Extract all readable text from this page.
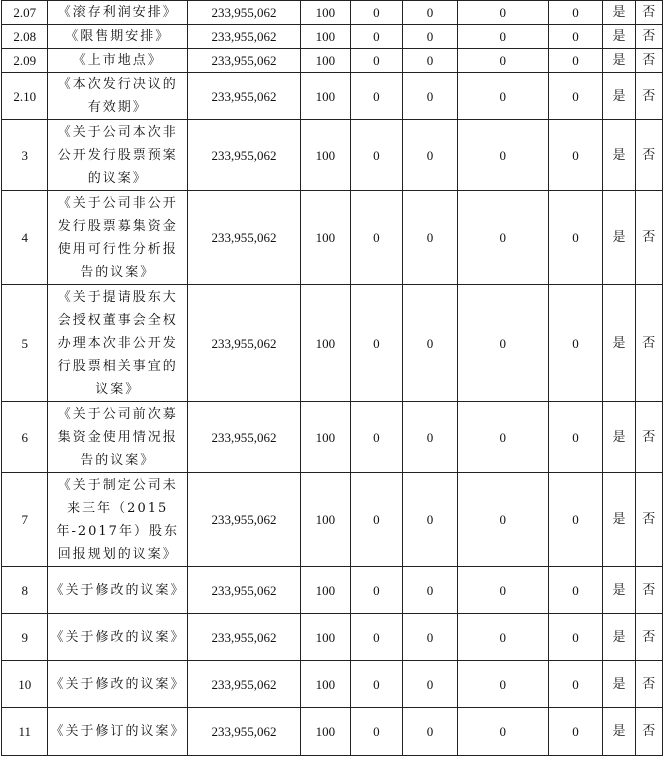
2.07	《滚存利润安排》	233,955,062	100	0	0	0	0	是	否
2.08	《限售期安排》	233,955,062	100	0	0	0	0	是	否
2.09	《上市地点》	233,955,062	100	0	0	0	0	是	否
2.10	《本次发行决议的有效期》	233,955,062	100	0	0	0	0	是	否
3	《关于公司本次非公开发行股票预案的议案》	233,955,062	100	0	0	0	0	是	否
4	《关于公司非公开发行股票募集资金使用可行性分析报告的议案》	233,955,062	100	0	0	0	0	是	否
5	《关于提请股东大会授权董事会全权办理本次非公开发行股票相关事宜的议案》	233,955,062	100	0	0	0	0	是	否
6	《关于公司前次募集资金使用情况报告的议案》	233,955,062	100	0	0	0	0	是	否
7	《关于制定公司未来三年（2015年-2017年）股东回报规划的议案》	233,955,062	100	0	0	0	0	是	否
8	《关于修改的议案》	233,955,062	100	0	0	0	0	是	否
9	《关于修改的议案》	233,955,062	100	0	0	0	0	是	否
10	《关于修改的议案》	233,955,062	100	0	0	0	0	是	否
11	《关于修订的议案》	233,955,062	100	0	0	0	0	是	否
